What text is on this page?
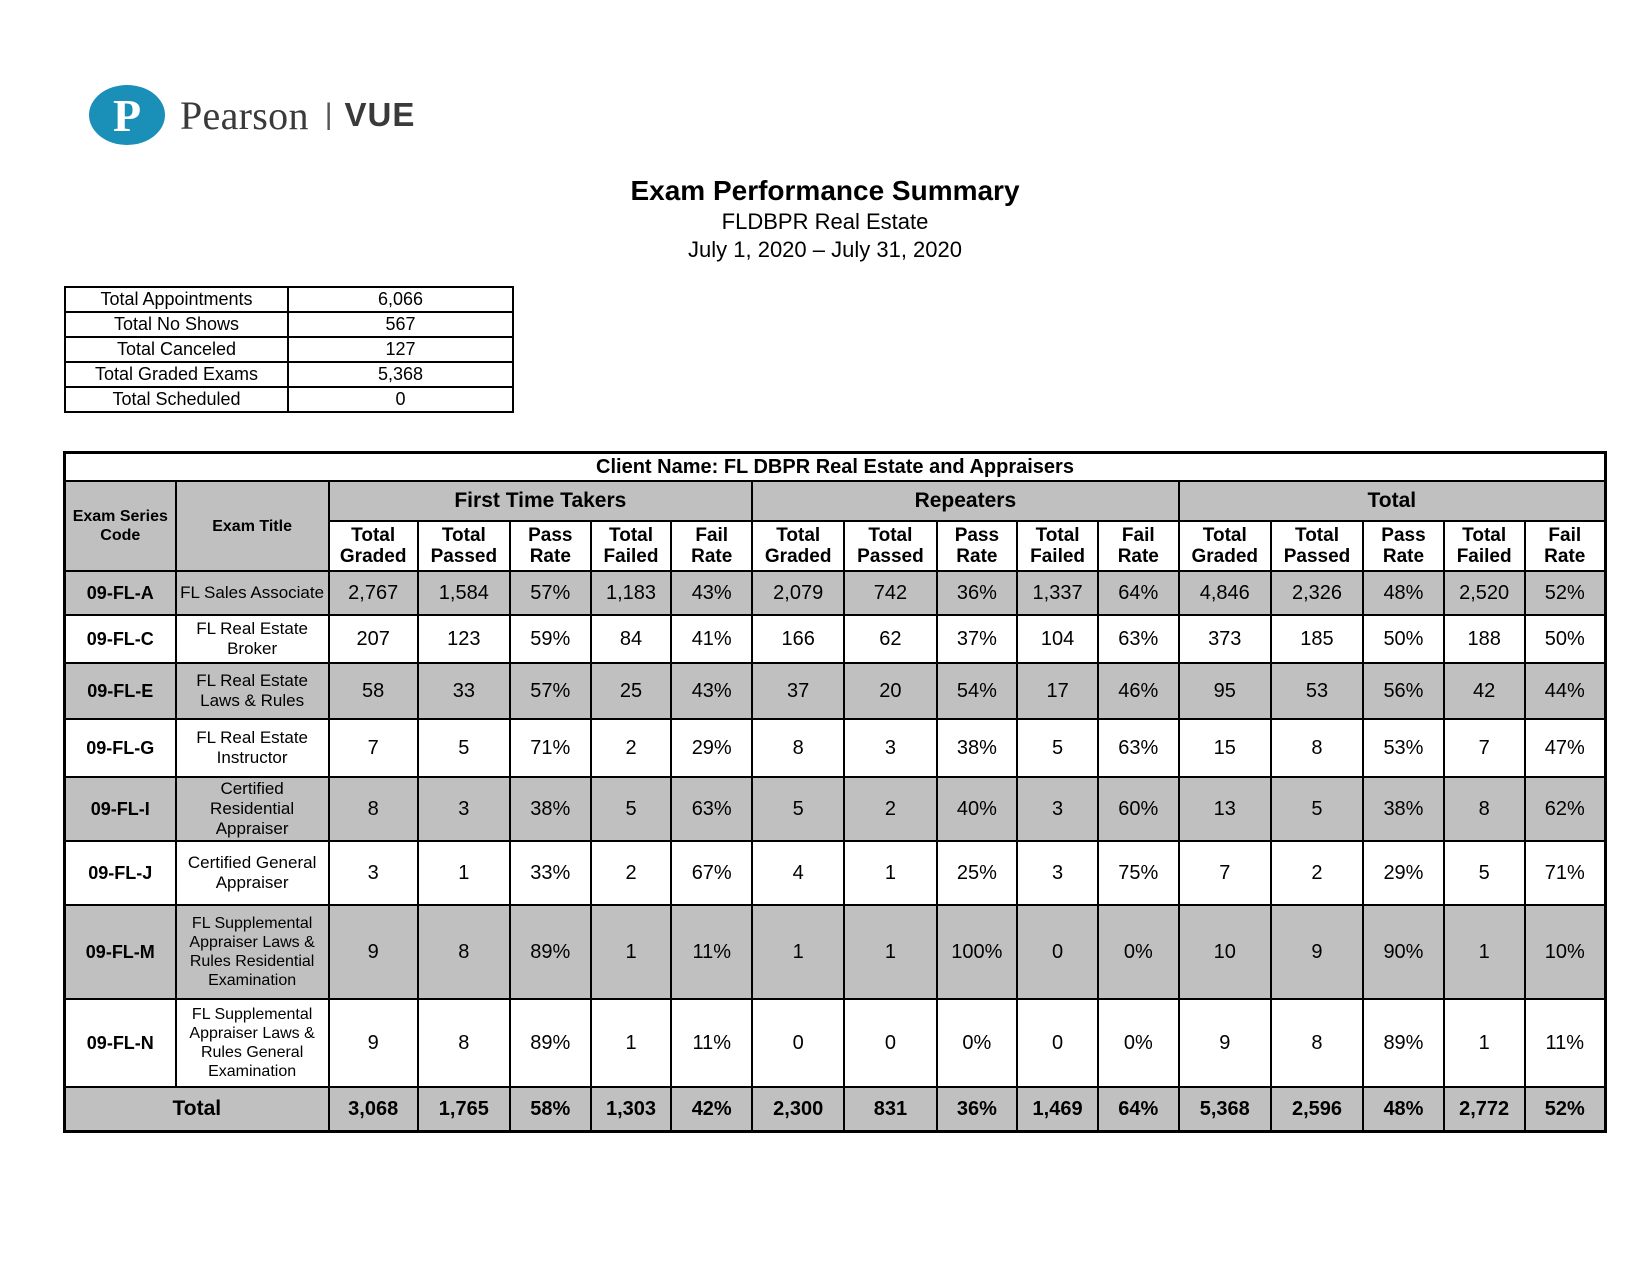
P Pearson | VUE
Exam Performance Summary
FLDBPR Real Estate
July 1, 2020 – July 31, 2020
Total Appointments	6,066
Total No Shows	567
Total Canceled	127
Total Graded Exams	5,368
Total Scheduled	0
Client Name: FL DBPR Real Estate and Appraisers																
Exam Series Code	Exam Title	First Time Takers					Repeaters					Total				
		Total Graded	Total Passed	Pass Rate	Total Failed	Fail Rate	Total Graded	Total Passed	Pass Rate	Total Failed	Fail Rate	Total Graded	Total Passed	Pass Rate	Total Failed	Fail Rate
09-FL-A	FL Sales Associate	2,767	1,584	57%	1,183	43%	2,079	742	36%	1,337	64%	4,846	2,326	48%	2,520	52%
09-FL-C	FL Real Estate Broker	207	123	59%	84	41%	166	62	37%	104	63%	373	185	50%	188	50%
09-FL-E	FL Real Estate Laws & Rules	58	33	57%	25	43%	37	20	54%	17	46%	95	53	56%	42	44%
09-FL-G	FL Real Estate Instructor	7	5	71%	2	29%	8	3	38%	5	63%	15	8	53%	7	47%
09-FL-I	Certified Residential Appraiser	8	3	38%	5	63%	5	2	40%	3	60%	13	5	38%	8	62%
09-FL-J	Certified General Appraiser	3	1	33%	2	67%	4	1	25%	3	75%	7	2	29%	5	71%
09-FL-M	FL Supplemental Appraiser Laws & Rules Residential Examination	9	8	89%	1	11%	1	1	100%	0	0%	10	9	90%	1	10%
09-FL-N	FL Supplemental Appraiser Laws & Rules General Examination	9	8	89%	1	11%	0	0	0%	0	0%	9	8	89%	1	11%
Total		3,068	1,765	58%	1,303	42%	2,300	831	36%	1,469	64%	5,368	2,596	48%	2,772	52%
